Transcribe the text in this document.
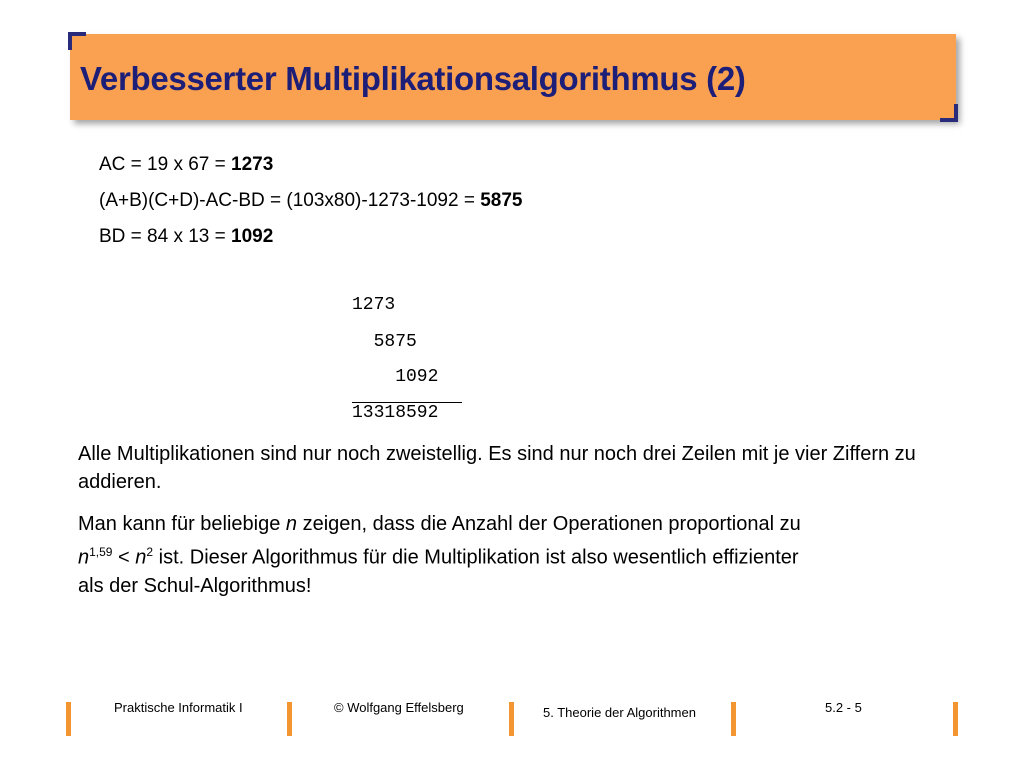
Verbesserter Multiplikationsalgorithmus (2)
AC = 19 x 67 = 1273
(A+B)(C+D)-AC-BD = (103x80)-1273-1092 = 5875
BD = 84 x 13 = 1092
1273
5875
1092
13318592
Alle Multiplikationen sind nur noch zweistellig. Es sind nur noch drei Zeilen mit je vier Ziffern zu addieren.
Man kann für beliebige n zeigen, dass die Anzahl der Operationen proportional zu
$n^{1,59} < n^2$ ist. Dieser Algorithmus für die Multiplikation ist also wesentlich effizienter
als der Schul-Algorithmus!
Praktische Informatik I	© Wolfgang Effelsberg	5. Theorie der Algorithmen	5.2 - 5
